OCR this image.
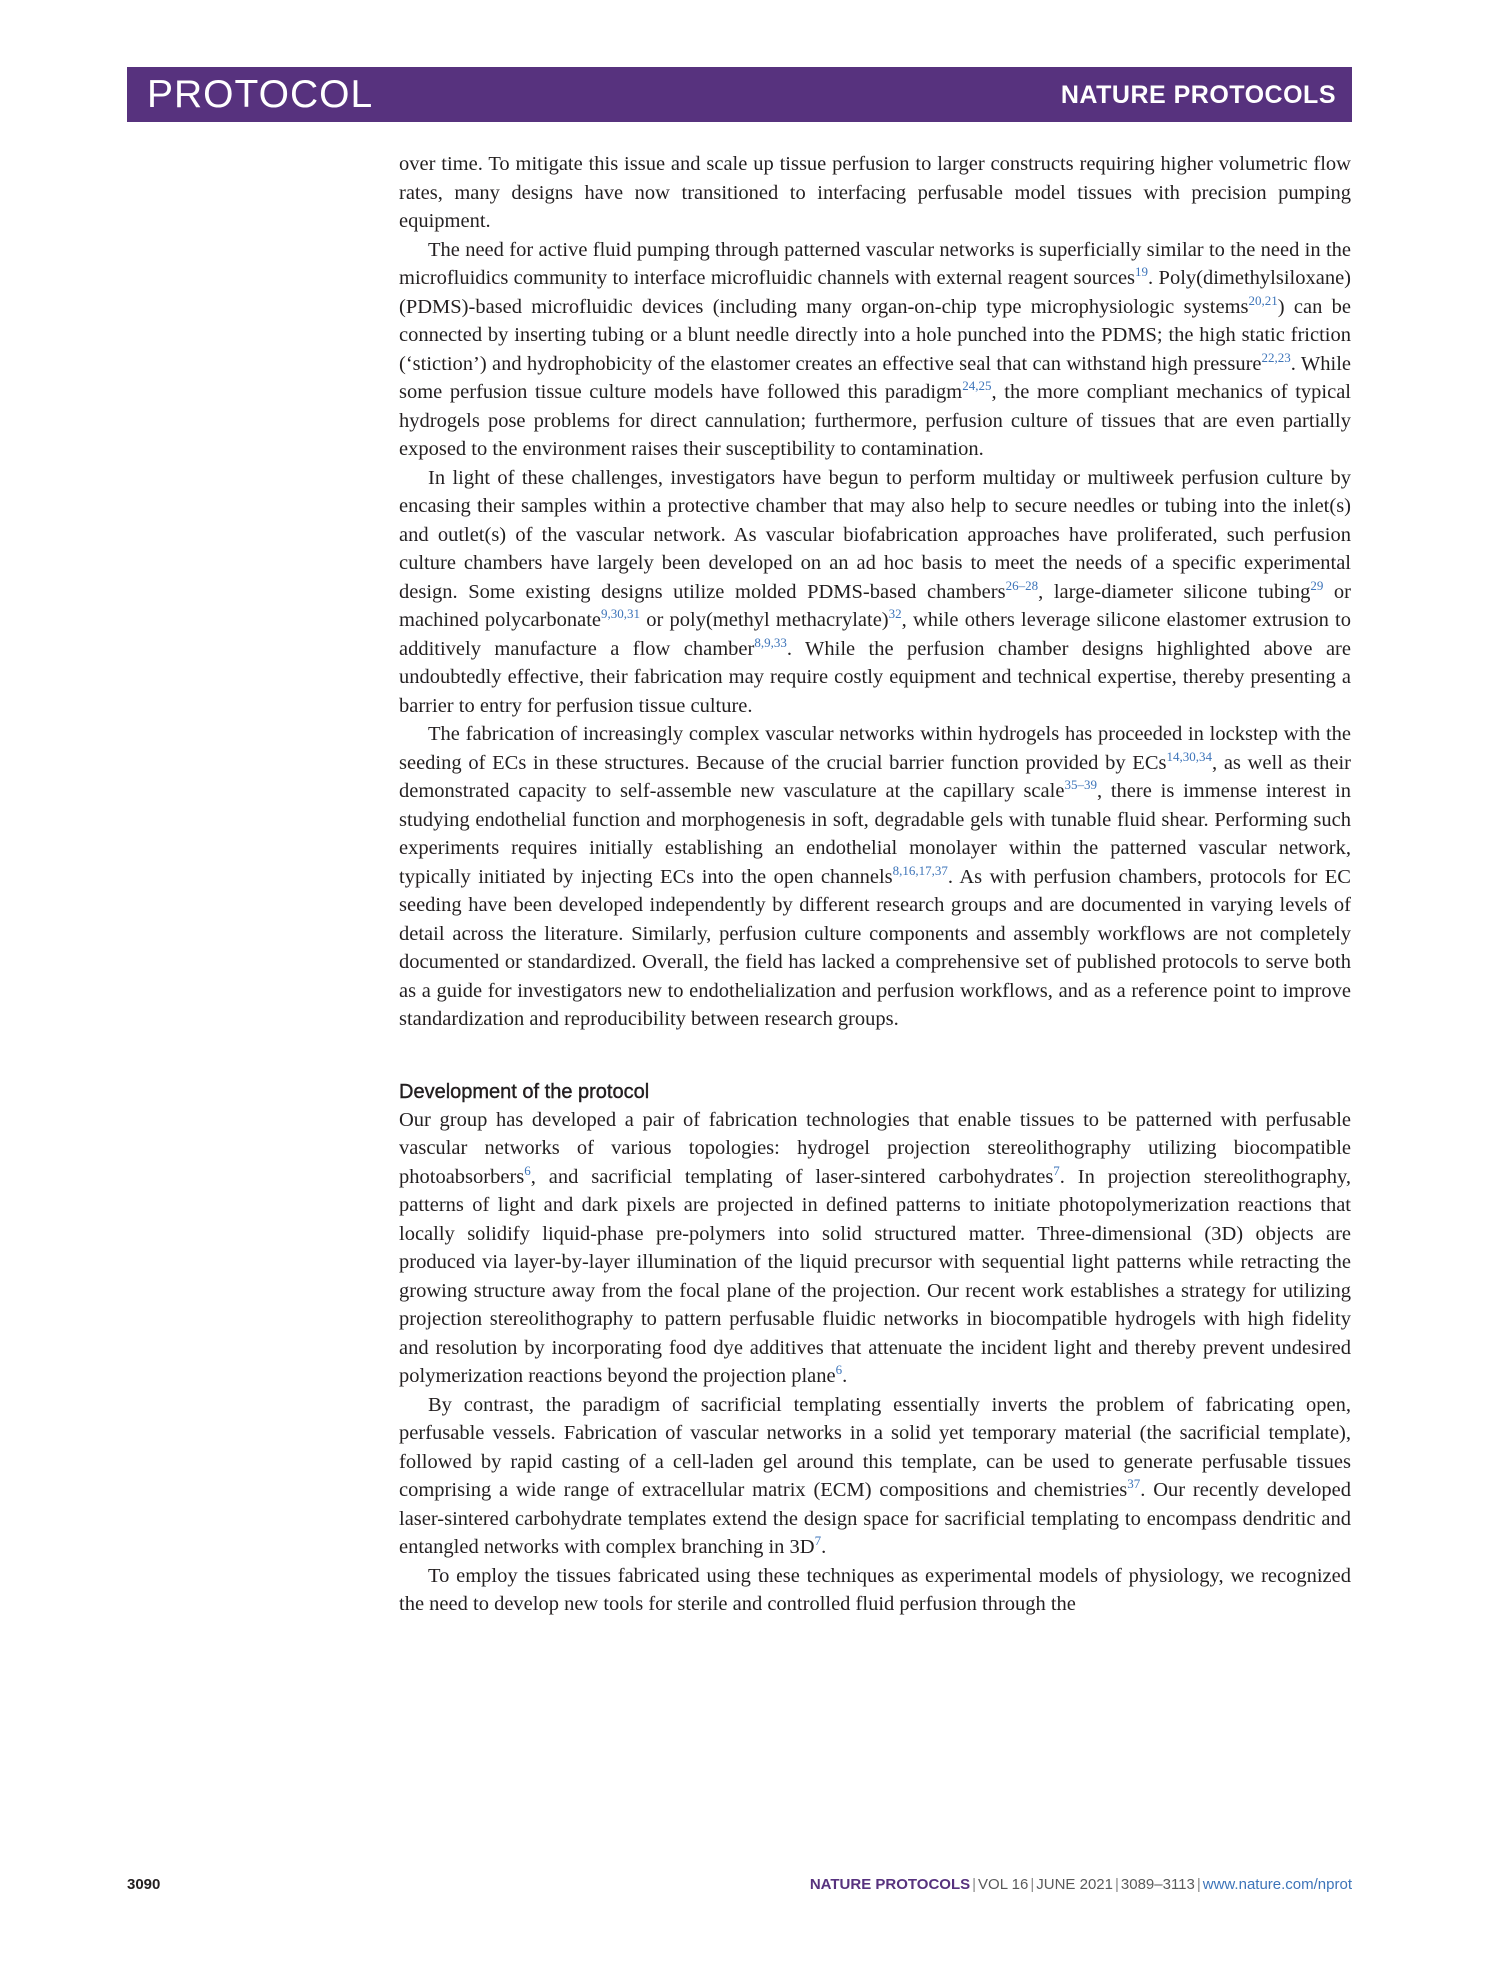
PROTOCOL	NATURE PROTOCOLS

over time. To mitigate this issue and scale up tissue perfusion to larger constructs requiring higher volumetric flow rates, many designs have now transitioned to interfacing perfusable model tissues with precision pumping equipment.

The need for active fluid pumping through patterned vascular networks is superficially similar to the need in the microfluidics community to interface microfluidic channels with external reagent sources$^{19}$. Poly(dimethylsiloxane) (PDMS)-based microfluidic devices (including many organ-on-chip type microphysiologic systems$^{20,21}$) can be connected by inserting tubing or a blunt needle directly into a hole punched into the PDMS; the high static friction (‘stiction’) and hydrophobicity of the elastomer creates an effective seal that can withstand high pressure$^{22,23}$. While some perfusion tissue culture models have followed this paradigm$^{24,25}$, the more compliant mechanics of typical hydrogels pose problems for direct cannulation; furthermore, perfusion culture of tissues that are even partially exposed to the environment raises their susceptibility to contamination.

In light of these challenges, investigators have begun to perform multiday or multiweek perfusion culture by encasing their samples within a protective chamber that may also help to secure needles or tubing into the inlet(s) and outlet(s) of the vascular network. As vascular biofabrication approaches have proliferated, such perfusion culture chambers have largely been developed on an ad hoc basis to meet the needs of a specific experimental design. Some existing designs utilize molded PDMS-based chambers$^{26-28}$, large-diameter silicone tubing$^{29}$ or machined polycarbonate$^{9,30,31}$ or poly(methyl methacrylate)$^{32}$, while others leverage silicone elastomer extrusion to additively manufacture a flow chamber$^{8,9,33}$. While the perfusion chamber designs highlighted above are undoubtedly effective, their fabrication may require costly equipment and technical expertise, thereby presenting a barrier to entry for perfusion tissue culture.

The fabrication of increasingly complex vascular networks within hydrogels has proceeded in lockstep with the seeding of ECs in these structures. Because of the crucial barrier function provided by ECs$^{14,30,34}$, as well as their demonstrated capacity to self-assemble new vasculature at the capillary scale$^{35-39}$, there is immense interest in studying endothelial function and morphogenesis in soft, degradable gels with tunable fluid shear. Performing such experiments requires initially establishing an endothelial monolayer within the patterned vascular network, typically initiated by injecting ECs into the open channels$^{8,16,17,37}$. As with perfusion chambers, protocols for EC seeding have been developed independently by different research groups and are documented in varying levels of detail across the literature. Similarly, perfusion culture components and assembly workflows are not completely documented or standardized. Overall, the field has lacked a comprehensive set of published protocols to serve both as a guide for investigators new to endothelialization and perfusion workflows, and as a reference point to improve standardization and reproducibility between research groups.

Development of the protocol

Our group has developed a pair of fabrication technologies that enable tissues to be patterned with perfusable vascular networks of various topologies: hydrogel projection stereolithography utilizing biocompatible photoabsorbers$^6$, and sacrificial templating of laser-sintered carbohydrates$^7$. In projection stereolithography, patterns of light and dark pixels are projected in defined patterns to initiate photopolymerization reactions that locally solidify liquid-phase pre-polymers into solid structured matter. Three-dimensional (3D) objects are produced via layer-by-layer illumination of the liquid precursor with sequential light patterns while retracting the growing structure away from the focal plane of the projection. Our recent work establishes a strategy for utilizing projection stereolithography to pattern perfusable fluidic networks in biocompatible hydrogels with high fidelity and resolution by incorporating food dye additives that attenuate the incident light and thereby prevent undesired polymerization reactions beyond the projection plane$^6$.

By contrast, the paradigm of sacrificial templating essentially inverts the problem of fabricating open, perfusable vessels. Fabrication of vascular networks in a solid yet temporary material (the sacrificial template), followed by rapid casting of a cell-laden gel around this template, can be used to generate perfusable tissues comprising a wide range of extracellular matrix (ECM) compositions and chemistries$^{37}$. Our recently developed laser-sintered carbohydrate templates extend the design space for sacrificial templating to encompass dendritic and entangled networks with complex branching in 3D$^7$.

To employ the tissues fabricated using these techniques as experimental models of physiology, we recognized the need to develop new tools for sterile and controlled fluid perfusion through the

3090	NATURE PROTOCOLS | VOL 16 | JUNE 2021 | 3089–3113 | www.nature.com/nprot
